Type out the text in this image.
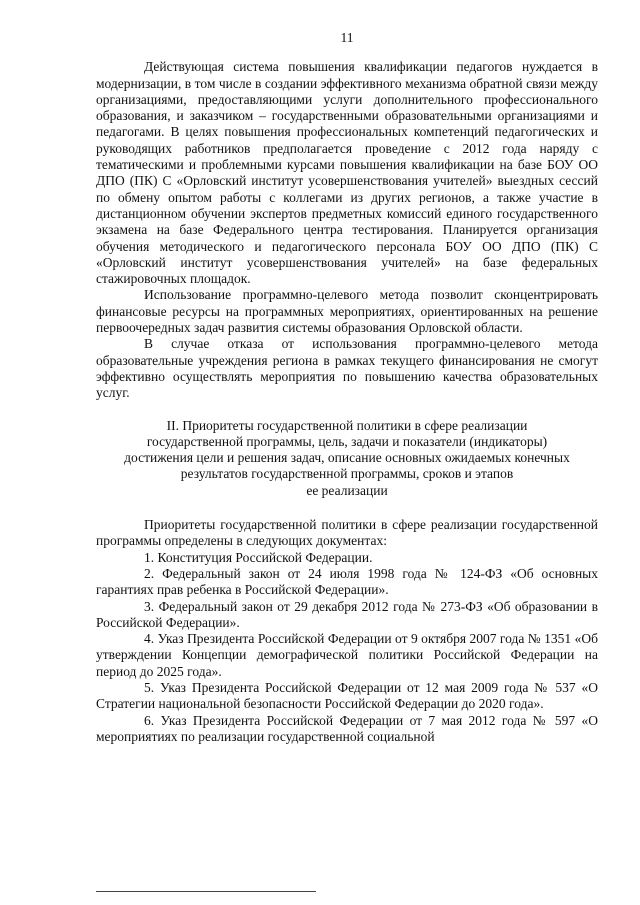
11

Действующая система повышения квалификации педагогов нуждается в модернизации, в том числе в создании эффективного механизма обратной связи между организациями, предоставляющими услуги дополнительного профессионального образования, и заказчиком – государственными образовательными организациями и педагогами. В целях повышения профессиональных компетенций педагогических и руководящих работников предполагается проведение с 2012 года наряду с тематическими и проблемными курсами повышения квалификации на базе БОУ ОО ДПО (ПК) С «Орловский институт усовершенствования учителей» выездных сессий по обмену опытом работы с коллегами из других регионов, а также участие в дистанционном обучении экспертов предметных комиссий единого государственного экзамена на базе Федерального центра тестирования. Планируется организация обучения методического и педагогического персонала БОУ ОО ДПО (ПК) С «Орловский институт усовершенствования учителей» на базе федеральных стажировочных площадок.

Использование программно-целевого метода позволит сконцентрировать финансовые ресурсы на программных мероприятиях, ориентированных на решение первоочередных задач развития системы образования Орловской области.

В случае отказа от использования программно-целевого метода образовательные учреждения региона в рамках текущего финансирования не смогут эффективно осуществлять мероприятия по повышению качества образовательных услуг.

II. Приоритеты государственной политики в сфере реализации
государственной программы, цель, задачи и показатели (индикаторы)
достижения цели и решения задач, описание основных ожидаемых конечных
результатов государственной программы, сроков и этапов
ее реализации

Приоритеты государственной политики в сфере реализации государственной программы определены в следующих документах:

1. Конституция Российской Федерации.

2. Федеральный закон от 24 июля 1998 года № 124-ФЗ «Об основных гарантиях прав ребенка в Российской Федерации».

3. Федеральный закон от 29 декабря 2012 года № 273-ФЗ «Об образовании в Российской Федерации».

4. Указ Президента Российской Федерации от 9 октября 2007 года № 1351 «Об утверждении Концепции демографической политики Российской Федерации на период до 2025 года».

5. Указ Президента Российской Федерации от 12 мая 2009 года № 537 «О Стратегии национальной безопасности Российской Федерации до 2020 года».

6. Указ Президента Российской Федерации от 7 мая 2012 года № 597 «О мероприятиях по реализации государственной социальной
